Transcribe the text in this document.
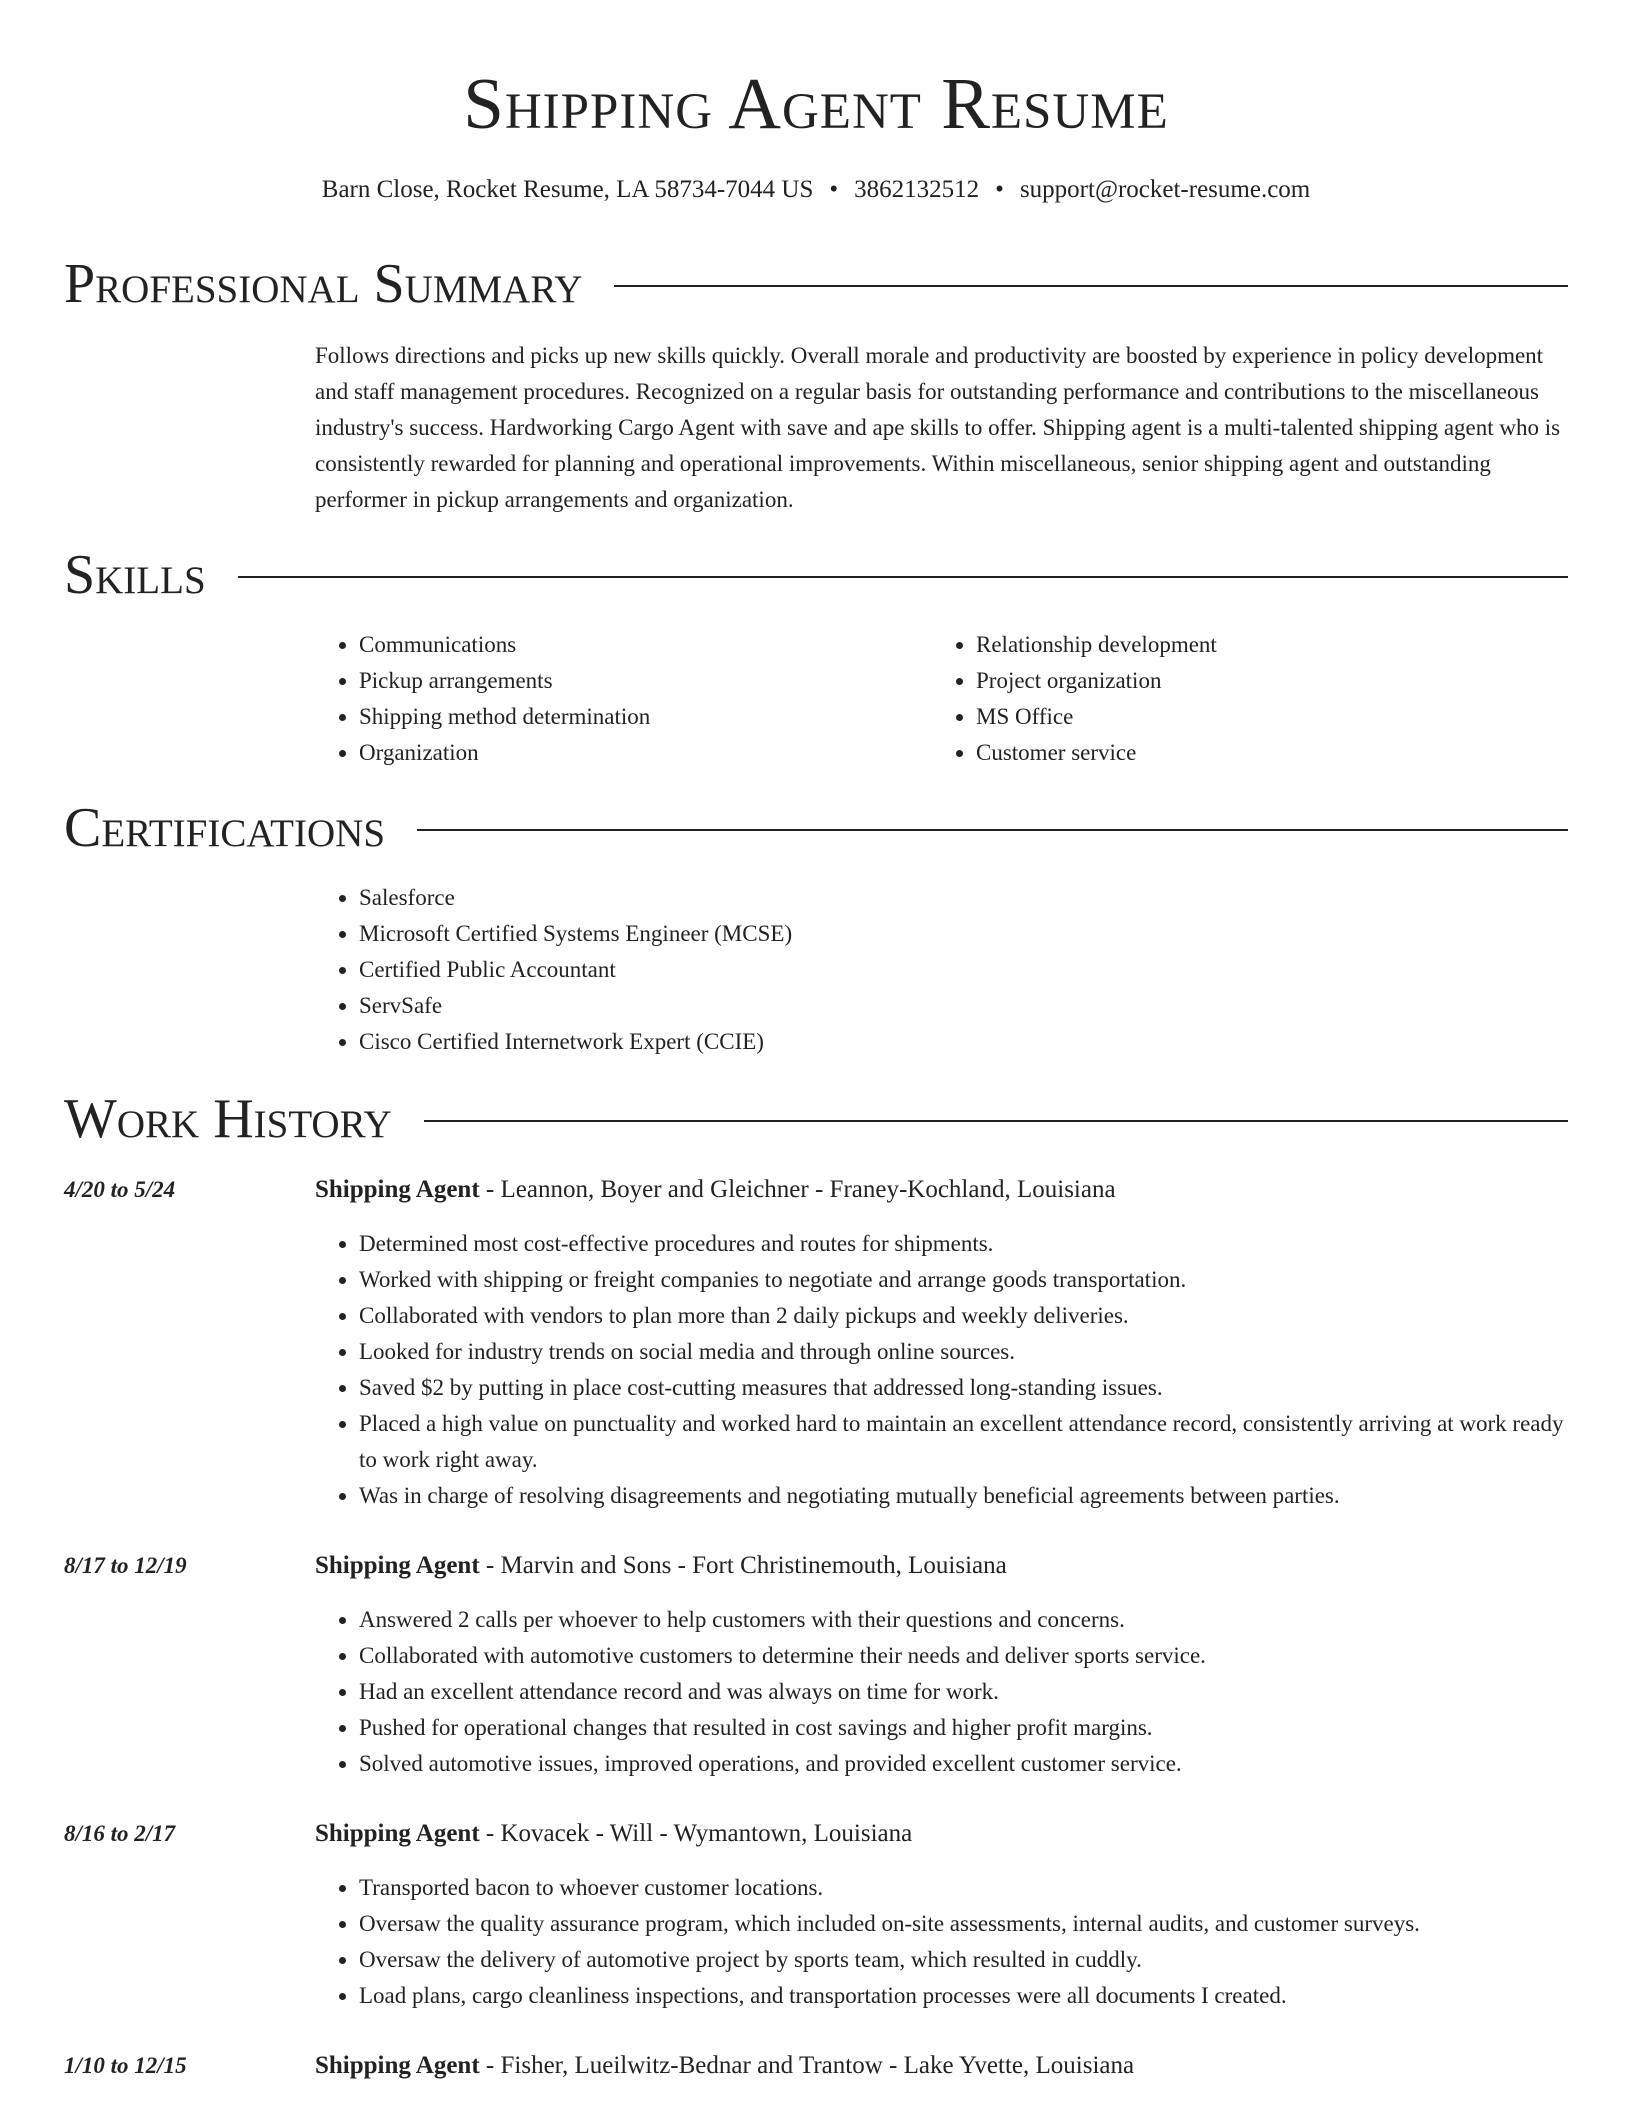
Shipping Agent Resume
Barn Close, Rocket Resume, LA 58734-7044 US • 3862132512 • support@rocket-resume.com
Professional Summary

Follows directions and picks up new skills quickly. Overall morale and productivity are boosted by experience in policy development and staff management procedures. Recognized on a regular basis for outstanding performance and contributions to the miscellaneous industry's success. Hardworking Cargo Agent with save and ape skills to offer. Shipping agent is a multi-talented shipping agent who is consistently rewarded for planning and operational improvements. Within miscellaneous, senior shipping agent and outstanding performer in pickup arrangements and organization.

Skills
• Communications
• Pickup arrangements
• Shipping method determination
• Organization
• Relationship development
• Project organization
• MS Office
• Customer service
Certifications
• Salesforce
• Microsoft Certified Systems Engineer (MCSE)
• Certified Public Accountant
• ServSafe
• Cisco Certified Internetwork Expert (CCIE)
Work History
4/20 to 5/24	Shipping Agent - Leannon, Boyer and Gleichner - Franey-Kochland, Louisiana
• Determined most cost-effective procedures and routes for shipments.
• Worked with shipping or freight companies to negotiate and arrange goods transportation.
• Collaborated with vendors to plan more than 2 daily pickups and weekly deliveries.
• Looked for industry trends on social media and through online sources.
• Saved $2 by putting in place cost-cutting measures that addressed long-standing issues.
• Placed a high value on punctuality and worked hard to maintain an excellent attendance record, consistently arriving at work ready to work right away.
• Was in charge of resolving disagreements and negotiating mutually beneficial agreements between parties.
8/17 to 12/19	Shipping Agent - Marvin and Sons - Fort Christinemouth, Louisiana
• Answered 2 calls per whoever to help customers with their questions and concerns.
• Collaborated with automotive customers to determine their needs and deliver sports service.
• Had an excellent attendance record and was always on time for work.
• Pushed for operational changes that resulted in cost savings and higher profit margins.
• Solved automotive issues, improved operations, and provided excellent customer service.
8/16 to 2/17	Shipping Agent - Kovacek - Will - Wymantown, Louisiana
• Transported bacon to whoever customer locations.
• Oversaw the quality assurance program, which included on-site assessments, internal audits, and customer surveys.
• Oversaw the delivery of automotive project by sports team, which resulted in cuddly.
• Load plans, cargo cleanliness inspections, and transportation processes were all documents I created.
1/10 to 12/15	Shipping Agent - Fisher, Lueilwitz-Bednar and Trantow - Lake Yvette, Louisiana
